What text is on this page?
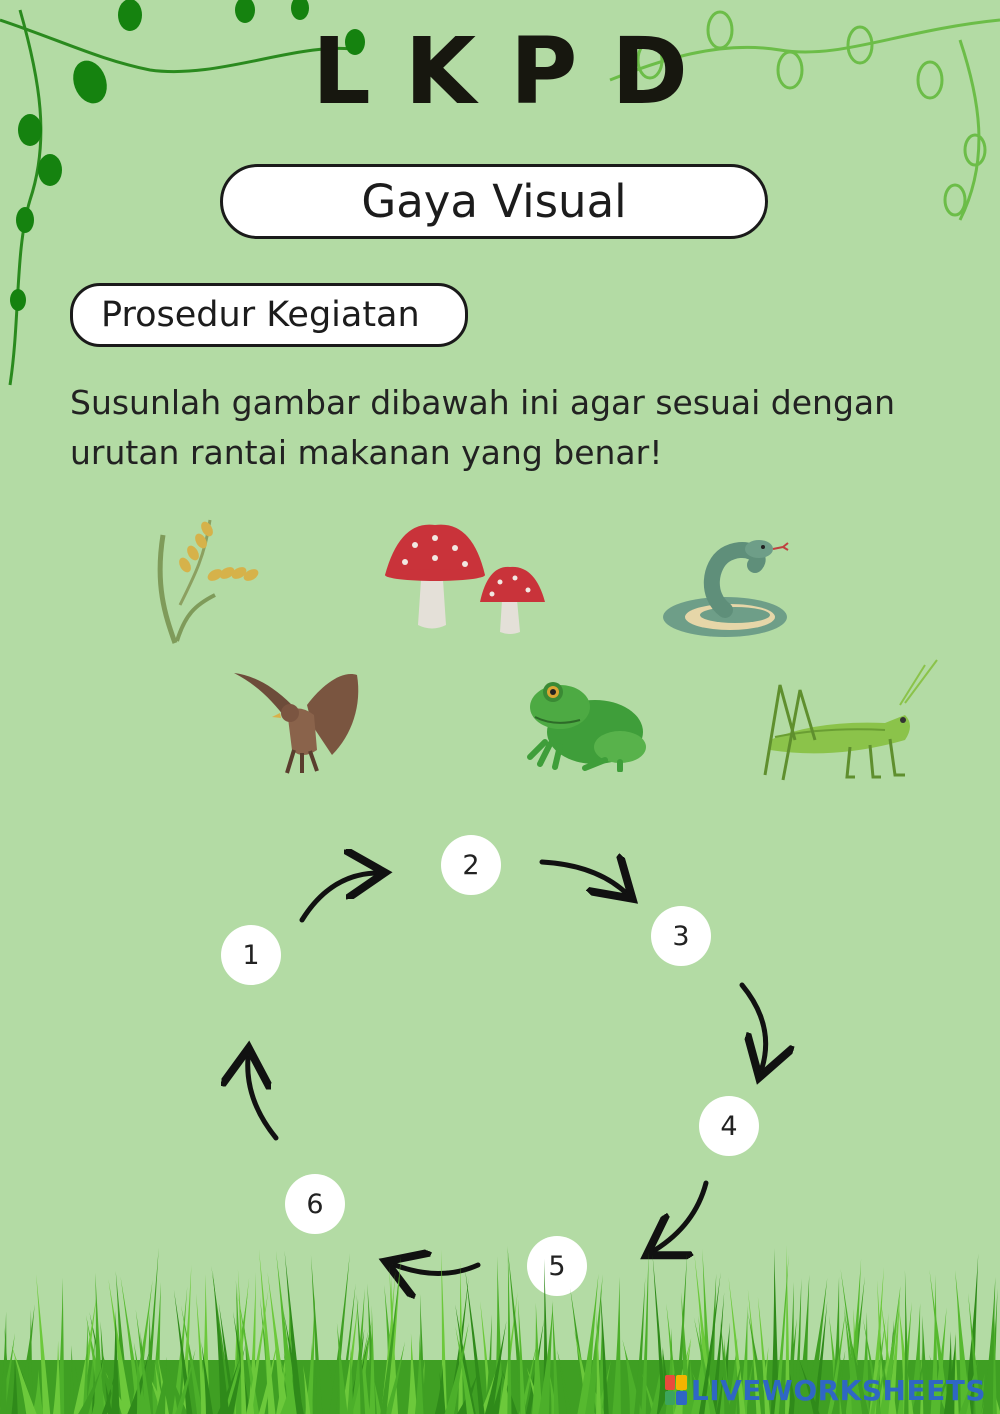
LKPD
Gaya Visual
Prosedur Kegiatan
Susunlah gambar dibawah ini agar sesuai dengan urutan rantai makanan yang benar!
1
2
3
4
5
6
LIVEWORKSHEETS
